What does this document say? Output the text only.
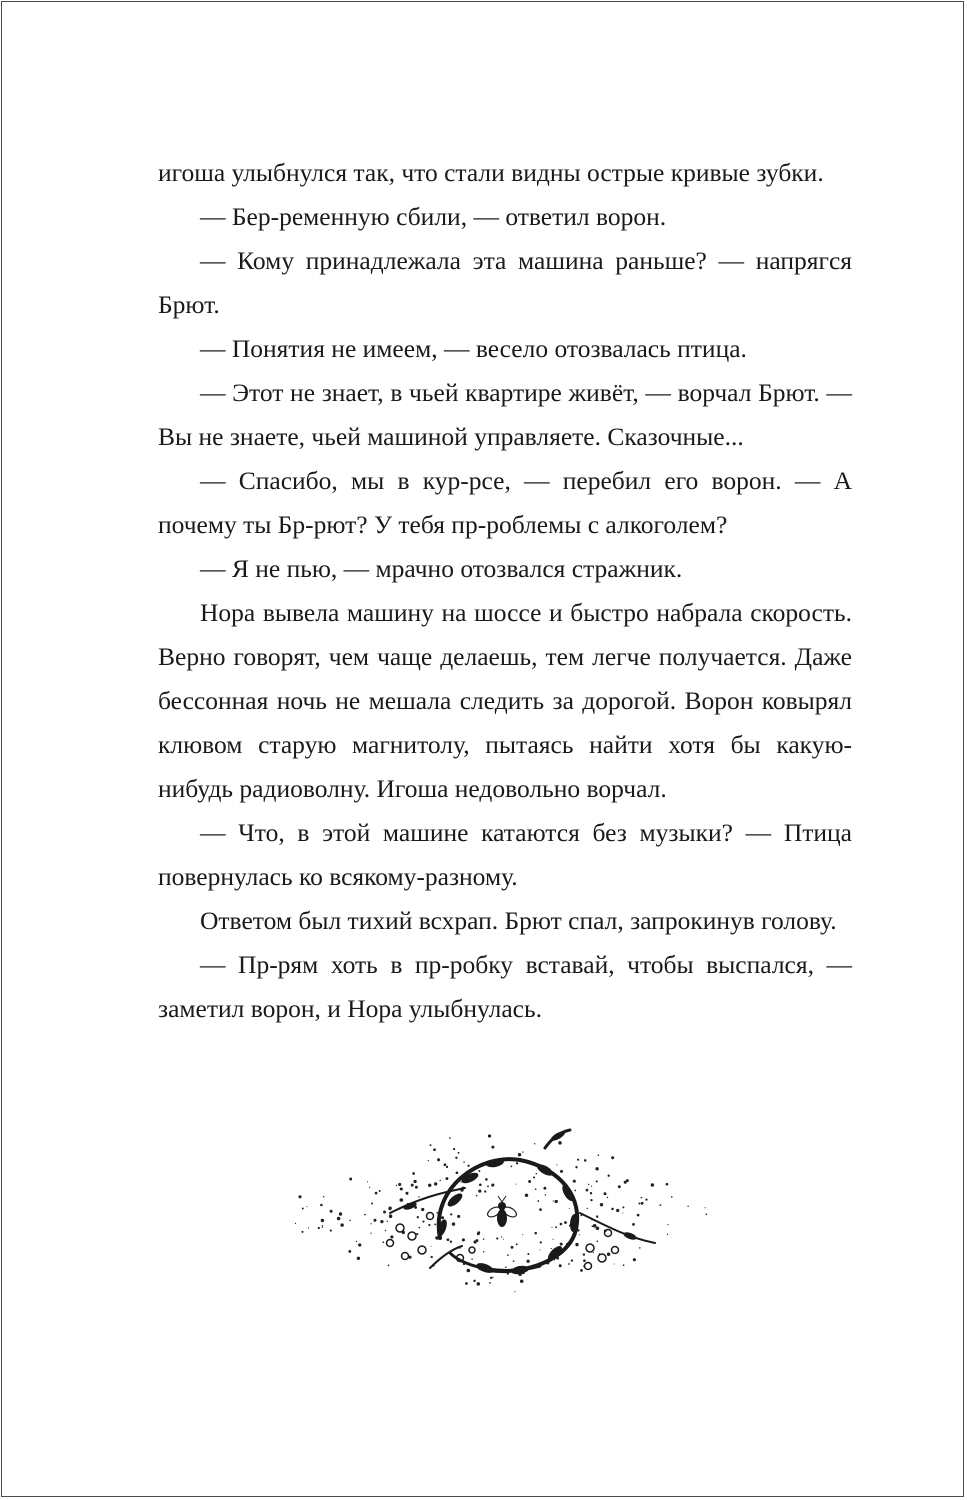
игоша улыбнулся так, что стали видны острые кривые зубки.

— Бер-ременную сбили, — ответил ворон.

— Кому принадлежала эта машина раньше? — напрягся Брют.

— Понятия не имеем, — весело отозвалась птица.

— Этот не знает, в чьей квартире живёт, — ворчал Брют. — Вы не знаете, чьей машиной управляете. Сказочные...

— Спасибо, мы в кур-рсе, — перебил его ворон. — А почему ты Бр-рют? У тебя пр-роблемы с алкоголем?

— Я не пью, — мрачно отозвался стражник.

Нора вывела машину на шоссе и быстро набрала скорость. Верно говорят, чем чаще делаешь, тем легче получается. Даже бессонная ночь не мешала следить за дорогой. Ворон ковырял клювом старую магнитолу, пытаясь найти хотя бы какую-нибудь радиоволну. Игоша недовольно ворчал.

— Что, в этой машине катаются без музыки? — Птица повернулась ко всякому-разному.

Ответом был тихий всхрап. Брют спал, запрокинув голову.

— Пр-рям хоть в пр-робку вставай, чтобы выспался, — заметил ворон, и Нора улыбнулась.
